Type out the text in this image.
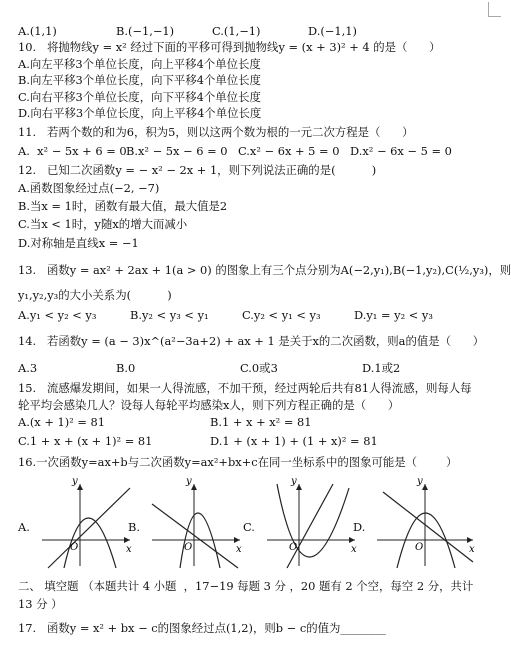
A.(1,1)	B.(−1,−1)	C.(1,−1)	D.(−1,1)
10.   将抛物线y = x² 经过下面的平移可得到抛物线y = (x + 3)² + 4 的是（      ）
A.向左平移3个单位长度，向上平移4个单位长度
B.向左平移3个单位长度，向下平移4个单位长度
C.向右平移3个单位长度，向下平移4个单位长度
D.向右平移3个单位长度，向上平移4个单位长度
11.   若两个数的和为6，积为5，则以这两个数为根的一元二次方程是（      ）
A.  x² − 5x + 6 = 0 B.x² − 5x − 6 = 0 C.x² − 6x + 5 = 0 D.x² − 6x − 5 = 0
12.   已知二次函数y = − x² − 2x + 1，则下列说法正确的是(          )
A.函数图象经过点(−2, −7)
B.当x = 1时，函数有最大值，最大值是2
C.当x < 1时，y随x的增大而减小
D.对称轴是直线x = −1
13.   函数y = ax² + 2ax + 1(a > 0) 的图象上有三个点分别为A(−2,y₁),B(−1,y₂),C(½,y₃)，则
y₁,y₂,y₃的大小关系为(          )
A.y₁ < y₂ < y₃	B.y₂ < y₃ < y₁	C.y₂ < y₁ < y₃	D.y₁ = y₂ < y₃
14.   若函数y = (a − 3)x^(a²−3a+2) + ax + 1 是关于x的二次函数，则a的值是（      ）
A.3	B.0	C.0或3	D.1或2
15.   流感爆发期间，如果一人得流感，不加干预，经过两轮后共有81人得流感，则每人每
轮平均会感染几人？设每人每轮平均感染x人，则下列方程正确的是（      ）
A.(x + 1)² = 81	B.1 + x + x² = 81
C.1 + x + (x + 1)² = 81	D.1 + (x + 1) + (1 + x)² = 81
16.一次函数y=ax+b与二次函数y=ax²+bx+c在同一坐标系中的图象可能是（        ）
A.
y
x
O
B.
y
x
O
C.
y
x
O
D.
y
x
O
二、 填空题 （本题共计 4 小题  ，17−19 每题 3 分 ，20 题有 2 个空，每空 2 分，共计
13 分 ）
17.   函数y = x² + bx − c的图象经过点(1,2)，则b − c的值为________
